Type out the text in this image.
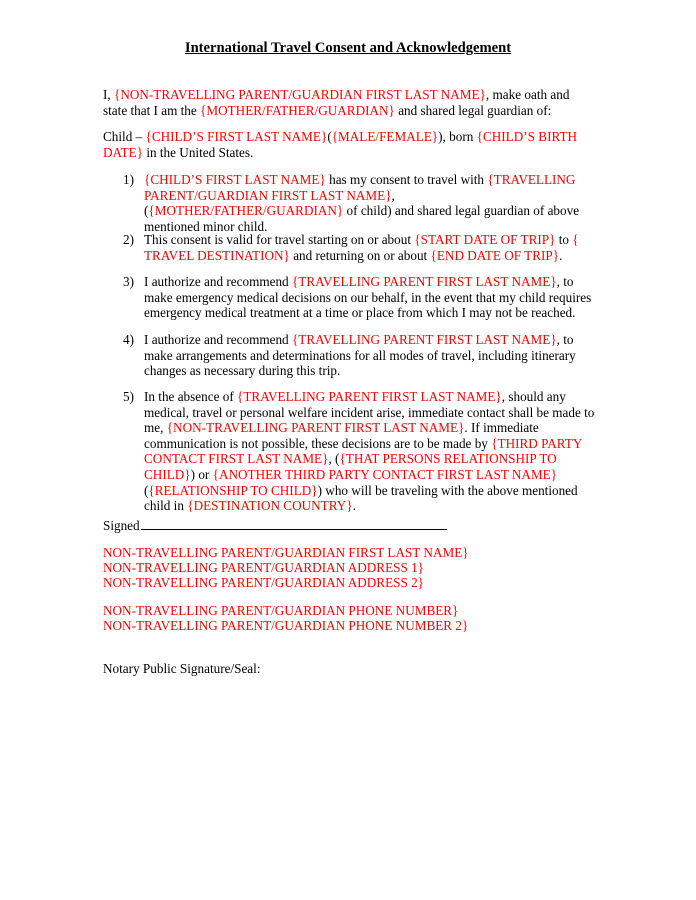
International Travel Consent and Acknowledgement
I, {NON-TRAVELLING PARENT/GUARDIAN FIRST LAST NAME}, make oath and state that I am the {MOTHER/FATHER/GUARDIAN} and shared legal guardian of:
Child – {CHILD’S FIRST LAST NAME}({MALE/FEMALE}), born {CHILD’S BIRTH DATE} in the United States.
1) {CHILD’S FIRST LAST NAME} has my consent to travel with {TRAVELLING PARENT/GUARDIAN FIRST LAST NAME}, ({MOTHER/FATHER/GUARDIAN} of child) and shared legal guardian of above mentioned minor child.
2) This consent is valid for travel starting on or about {START DATE OF TRIP} to { TRAVEL DESTINATION} and returning on or about {END DATE OF TRIP}.
3) I authorize and recommend {TRAVELLING PARENT FIRST LAST NAME}, to make emergency medical decisions on our behalf, in the event that my child requires emergency medical treatment at a time or place from which I may not be reached.
4) I authorize and recommend {TRAVELLING PARENT FIRST LAST NAME}, to make arrangements and determinations for all modes of travel, including itinerary changes as necessary during this trip.
5) In the absence of {TRAVELLING PARENT FIRST LAST NAME}, should any medical, travel or personal welfare incident arise, immediate contact shall be made to me, {NON-TRAVELLING PARENT FIRST LAST NAME}. If immediate communication is not possible, these decisions are to be made by {THIRD PARTY CONTACT FIRST LAST NAME}, ({THAT PERSONS RELATIONSHIP TO CHILD}) or {ANOTHER THIRD PARTY CONTACT FIRST LAST NAME} ({RELATIONSHIP TO CHILD}) who will be traveling with the above mentioned child in {DESTINATION COUNTRY}.
Signed
NON-TRAVELLING PARENT/GUARDIAN FIRST LAST NAME}
NON-TRAVELLING PARENT/GUARDIAN ADDRESS 1}
NON-TRAVELLING PARENT/GUARDIAN ADDRESS 2}
NON-TRAVELLING PARENT/GUARDIAN PHONE NUMBER}
NON-TRAVELLING PARENT/GUARDIAN PHONE NUMBER 2}
Notary Public Signature/Seal:
